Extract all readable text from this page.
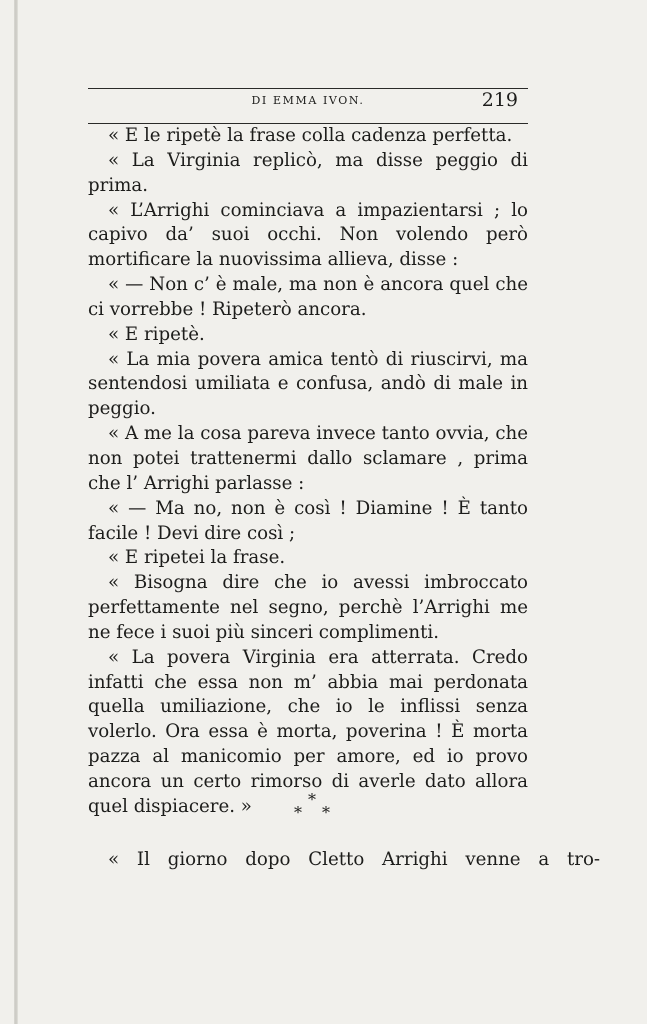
DI EMMA IVON.	219

« E le ripetè la frase colla cadenza perfetta.

« La Virginia replicò, ma disse peggio di prima.

« L’Arrighi cominciava a impazientarsi ; lo capivo da’ suoi occhi. Non volendo però mortificare la nuovissima allieva, disse :

« — Non c’ è male, ma non è ancora quel che ci vorrebbe ! Ripeterò ancora.

« E ripetè.

« La mia povera amica tentò di riuscirvi, ma sentendosi umiliata e confusa, andò di male in peggio.

« A me la cosa pareva invece tanto ovvia, che non potei trattenermi dallo sclamare , prima che l’ Arrighi parlasse :

« — Ma no, non è così ! Diamine ! È tanto facile ! Devi dire così ;

« E ripetei la frase.

« Bisogna dire che io avessi imbroccato perfettamente nel segno, perchè l’Arrighi me ne fece i suoi più sinceri complimenti.

« La povera Virginia era atterrata. Credo infatti che essa non m’ abbia mai perdonata quella umiliazione, che io le inflissi senza volerlo. Ora essa è morta, poverina ! È morta pazza al manicomio per amore, ed io provo ancora un certo rimorso di averle dato allora quel dispiacere. »	*
* *
« Il giorno dopo Cletto Arrighi venne a tro-
